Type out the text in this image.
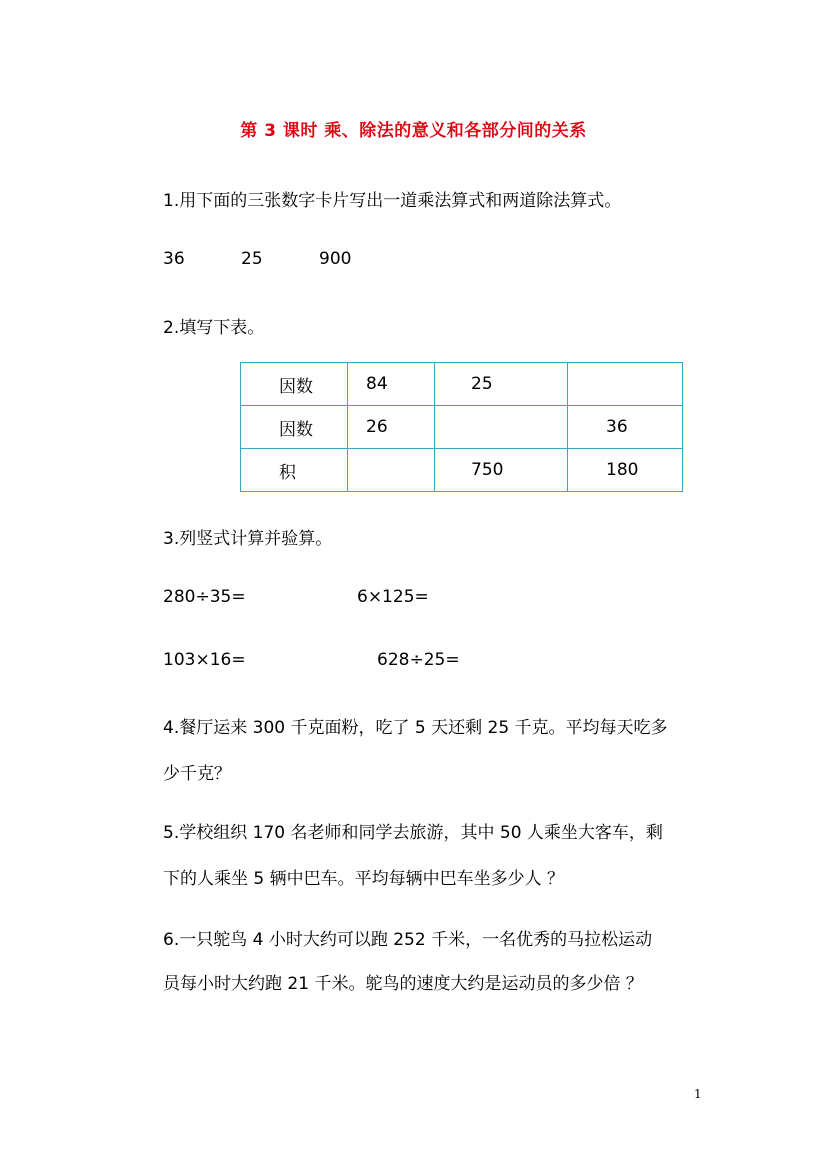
第 3 课时 乘、除法的意义和各部分间的关系
1.用下面的三张数字卡片写出一道乘法算式和两道除法算式。
36	25	900
2.填写下表。
因数	84	25	
因数	26		36
积		750	180
3.列竖式计算并验算。
280÷35=	6×125=
103×16=	628÷25=
4.餐厅运来 300 千克面粉，吃了 5 天还剩 25 千克。平均每天吃多
少千克？
5.学校组织 170 名老师和同学去旅游，其中 50 人乘坐大客车，剩
下的人乘坐 5 辆中巴车。平均每辆中巴车坐多少人 ？
6.一只鸵鸟 4 小时大约可以跑 252 千米，一名优秀的马拉松运动
员每小时大约跑 21 千米。鸵鸟的速度大约是运动员的多少倍 ？
1
